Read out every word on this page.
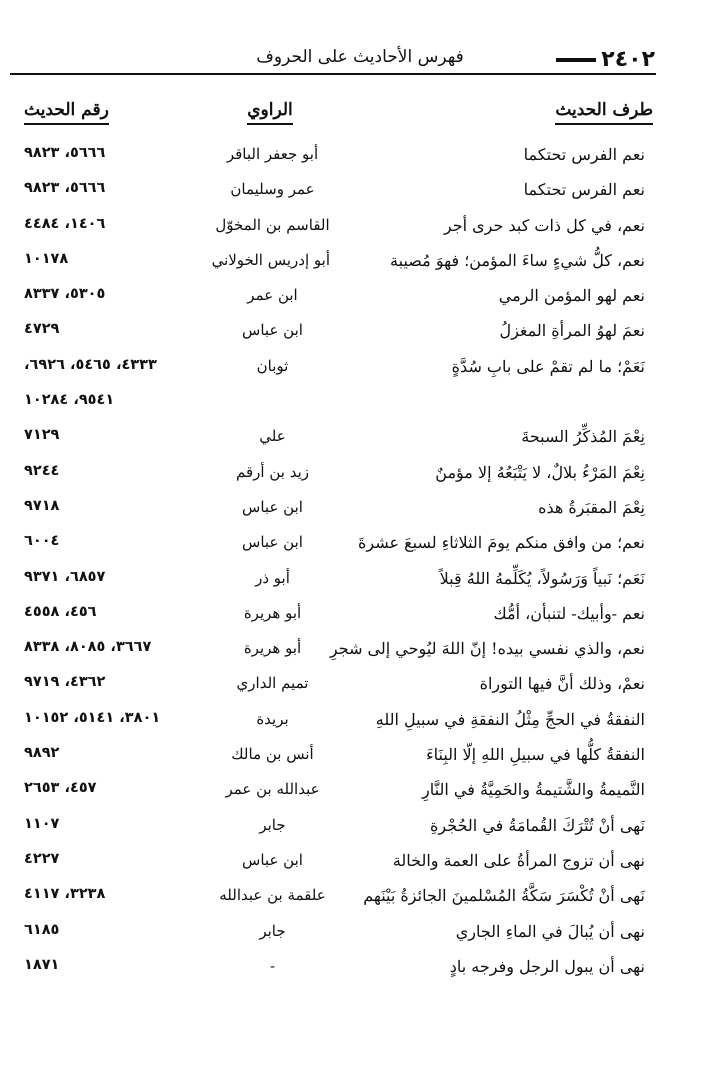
٢٤٠٢
فهرس الأحاديث على الحروف
طرف الحديث
الراوي
رقم الحديث
نعم الفرس تحتكما
أبو جعفر الباقر
٥٦٦٦، ٩٨٢٣
نعم الفرس تحتكما
عمر وسليمان
٥٦٦٦، ٩٨٢٣
نعم، في كل ذات كبد حرى أجر
القاسم بن المخوّل
١٤٠٦، ٤٤٨٤
نعم، كلُّ شيءٍ ساءَ المؤمن؛ فهوَ مُصيبة
أبو إدريس الخولاني
١٠١٧٨
نعم لهو المؤمن الرمي
ابن عمر
٥٣٠٥، ٨٣٣٧
نعمَ لهوُ المرأةِ المغزلُ
ابن عباس
٤٧٢٩
نَعَمْ؛ ما لم تقمْ على بابِ سُدَّةٍ
ثوبان
٤٣٣٣، ٥٤٦٥، ٦٩٢٦،
٩٥٤١، ١٠٢٨٤
نِعْمَ المُذكِّرُ السبحةَ
علي
٧١٢٩
نِعْمَ المَرْءُ بلالٌ، لا يَتْبَعُهُ إلا مؤمنٌ
زيد بن أرقم
٩٢٤٤
نِعْمَ المقبَرةُ هذه
ابن عباس
٩٧١٨
نعم؛ من وافق منكم يومَ الثلاثاءِ لسبعَ عشرةَ
ابن عباس
٦٠٠٤
نَعَم؛ نَبياً وَرَسُولاً، يُكَلِّمهُ اللهُ قِبلاً
أبو ذر
٦٨٥٧، ٩٣٧١
نعم -وأبيك- لتنبأن، أمُّك
أبو هريرة
٤٥٦، ٤٥٥٨
نعم، والذي نفسي بيده! إنّ اللهَ ليُوحي إلى شجرِ
أبو هريرة
٣٦٦٧، ٨٠٨٥، ٨٣٣٨
نعمْ، وذلك أنَّ فيها التوراة
تميم الداري
٤٣٦٢، ٩٧١٩
النفقةُ في الحجِّ مِثْلُ النفقةِ في سبيلِ اللهِ
بريدة
٣٨٠١، ٥١٤١، ١٠١٥٢
النفقةُ كلُّها في سبيلِ اللهِ إلّا البِنَاءَ
أنس بن مالك
٩٨٩٢
النَّميمةُ والشَّتيمةُ والحَمِيَّةُ في النَّارِ
عبدالله بن عمر
٤٥٧، ٢٦٥٣
نَهى أنْ تُتْرَكَ القُمامَةُ في الحُجْرةِ
جابر
١١٠٧
نهى أن تزوج المرأةُ على العمة والخالة
ابن عباس
٤٢٢٧
نَهى أنْ تُكْسَرَ سَكَّةُ المُسْلمينَ الجائزةُ بَيْنَهم
علقمة بن عبدالله
٣٢٣٨، ٤١١٧
نهى أن يُبالَ في الماءِ الجاري
جابر
٦١٨٥
نهى أن يبول الرجل وفرجه بادٍ
-
١٨٧١
